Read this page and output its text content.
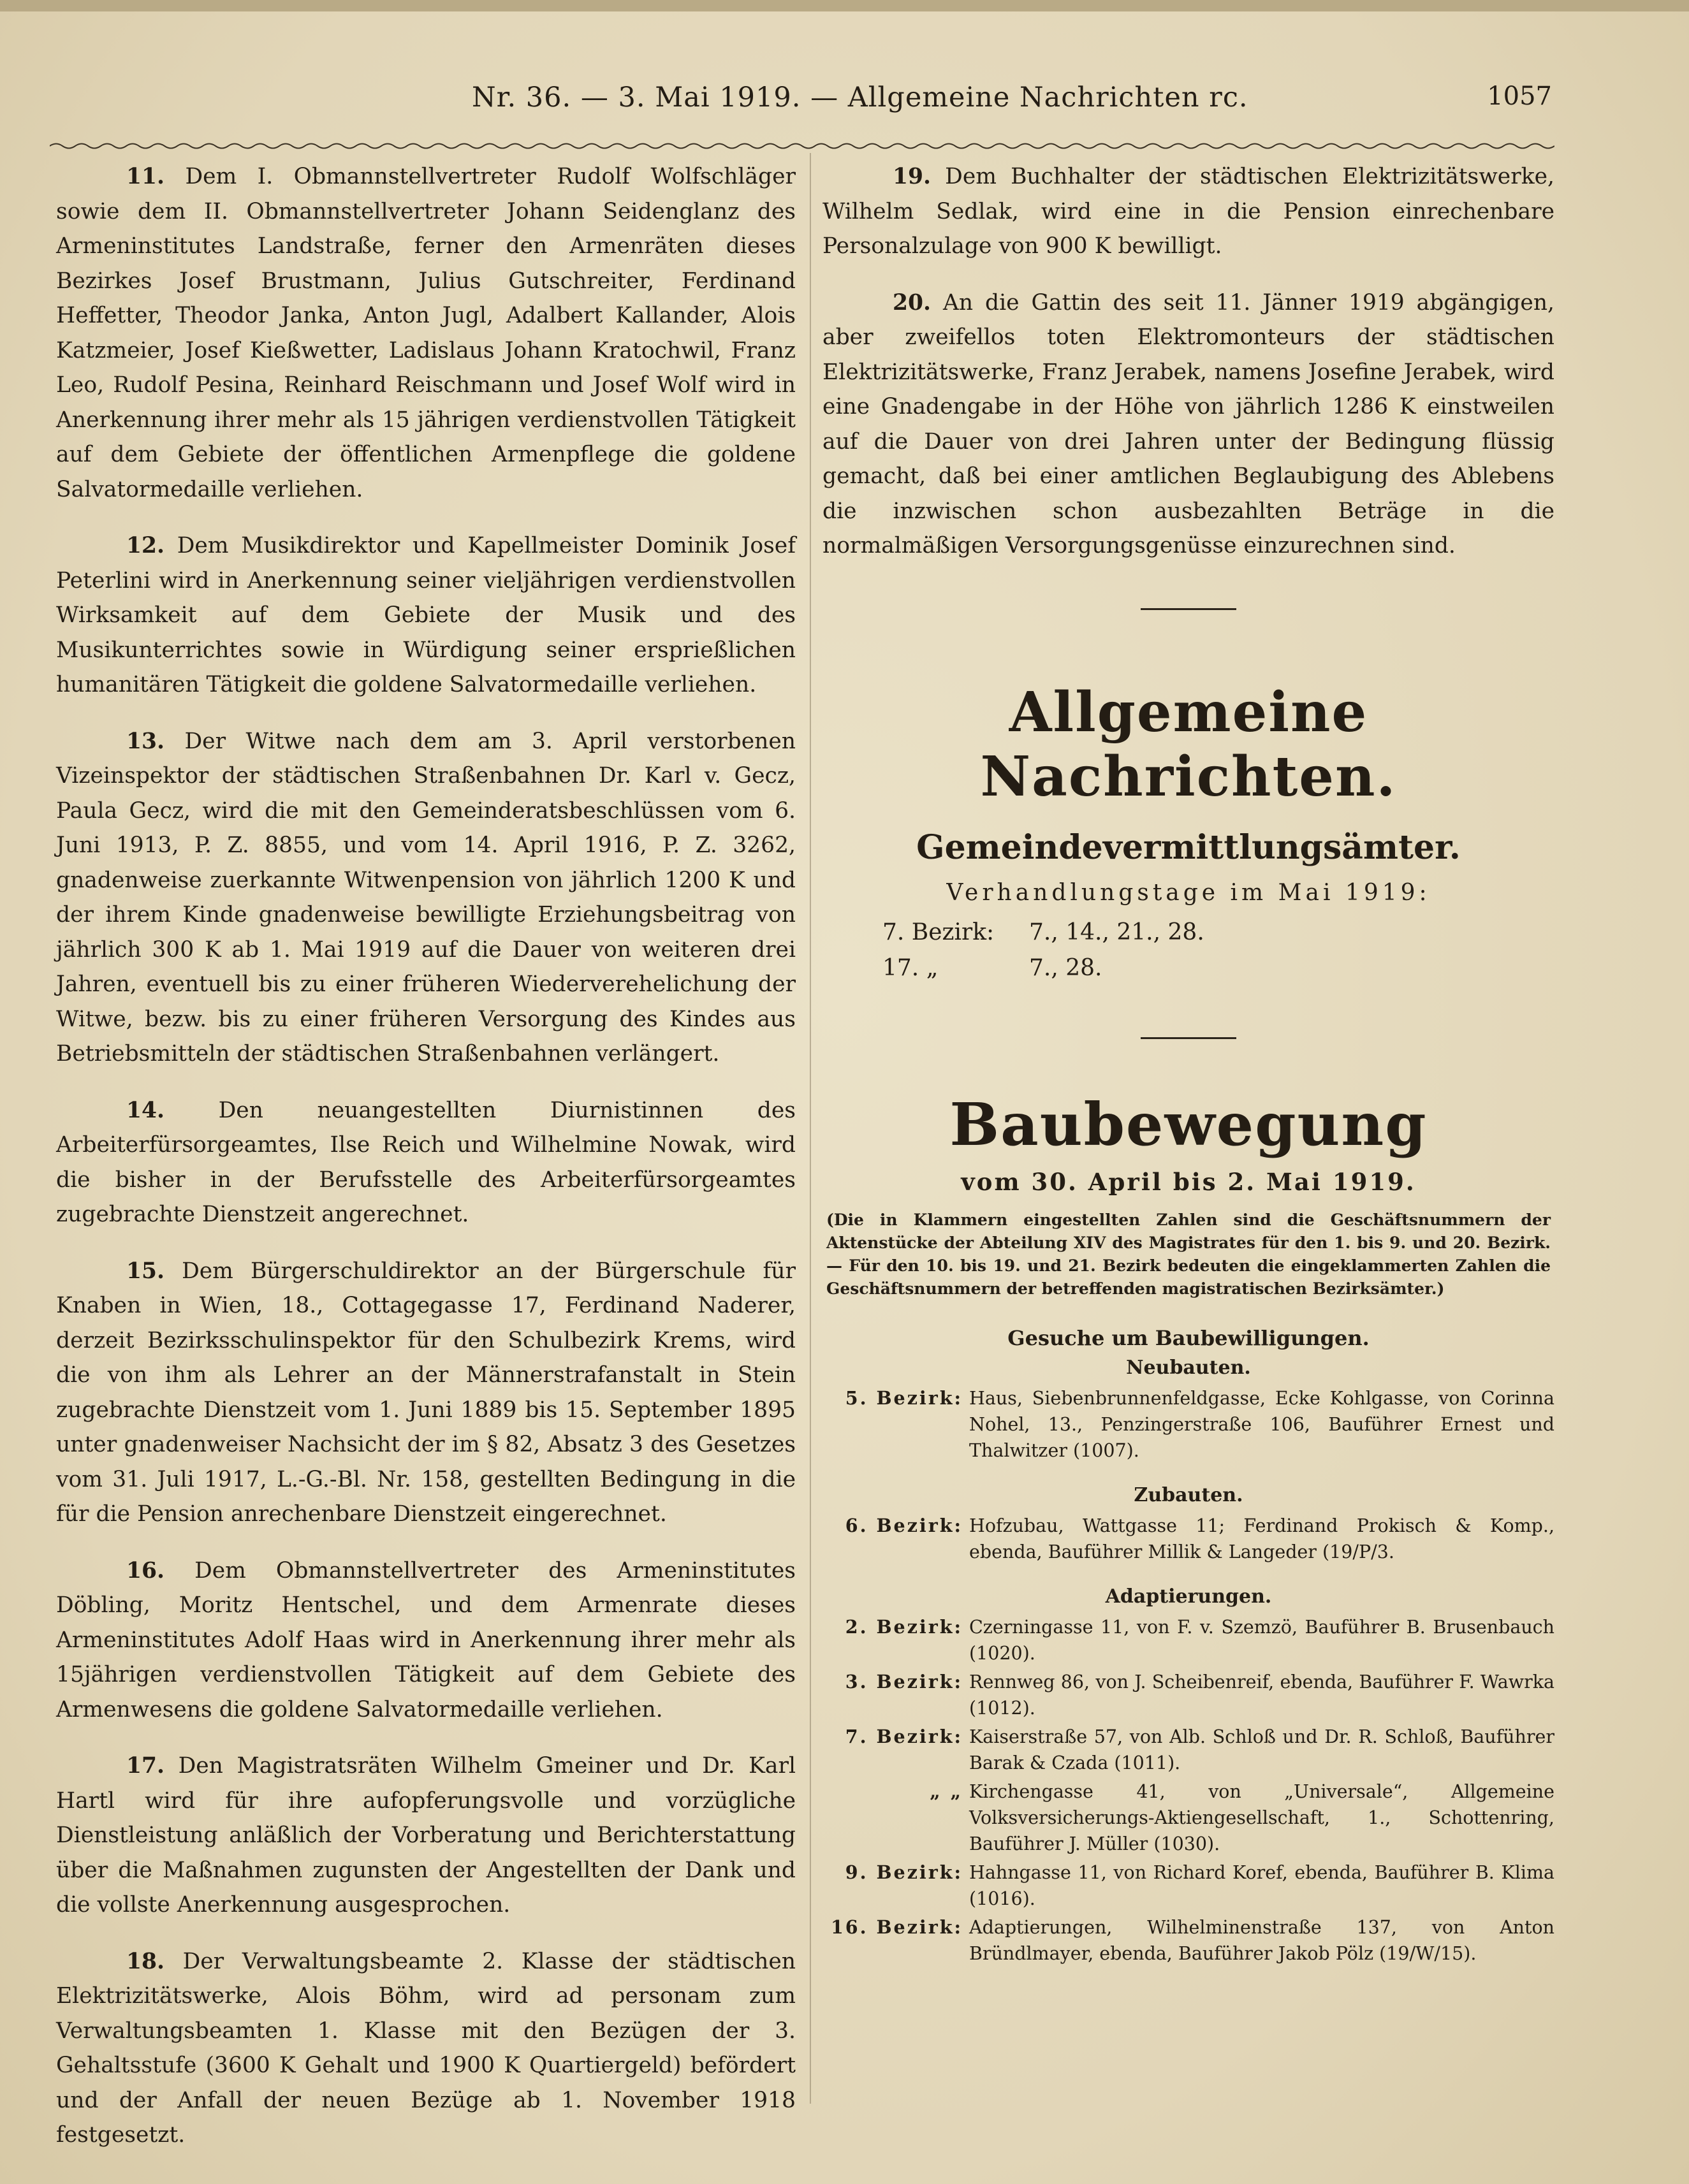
Nr. 36. — 3. Mai 1919. — Allgemeine Nachrichten rc.	1057

11. Dem I. Obmannstellvertreter Rudolf Wolfschläger sowie dem II. Obmannstellvertreter Johann Seidenglanz des Armeninstitutes Landstraße, ferner den Armenräten dieses Bezirkes Josef Brustmann, Julius Gutschreiter, Ferdinand Heffetter, Theodor Janka, Anton Jugl, Adalbert Kallander, Alois Katzmeier, Josef Kießwetter, Ladislaus Johann Kratochwil, Franz Leo, Rudolf Pesina, Reinhard Reischmann und Josef Wolf wird in Anerkennung ihrer mehr als 15 jährigen verdienstvollen Tätigkeit auf dem Gebiete der öffentlichen Armenpflege die goldene Salvatormedaille verliehen.

12. Dem Musikdirektor und Kapellmeister Dominik Josef Peterlini wird in Anerkennung seiner vieljährigen verdienstvollen Wirksamkeit auf dem Gebiete der Musik und des Musikunterrichtes sowie in Würdigung seiner ersprießlichen humanitären Tätigkeit die goldene Salvatormedaille verliehen.

13. Der Witwe nach dem am 3. April verstorbenen Vizeinspektor der städtischen Straßenbahnen Dr. Karl v. Gecz, Paula Gecz, wird die mit den Gemeinderatsbeschlüssen vom 6. Juni 1913, P. Z. 8855, und vom 14. April 1916, P. Z. 3262, gnadenweise zuerkannte Witwenpension von jährlich 1200 K und der ihrem Kinde gnadenweise bewilligte Erziehungsbeitrag von jährlich 300 K ab 1. Mai 1919 auf die Dauer von weiteren drei Jahren, eventuell bis zu einer früheren Wiederverehelichung der Witwe, bezw. bis zu einer früheren Versorgung des Kindes aus Betriebsmitteln der städtischen Straßenbahnen verlängert.

14. Den neuangestellten Diurnistinnen des Arbeiterfürsorgeamtes, Ilse Reich und Wilhelmine Nowak, wird die bisher in der Berufsstelle des Arbeiterfürsorgeamtes zugebrachte Dienstzeit angerechnet.

15. Dem Bürgerschuldirektor an der Bürgerschule für Knaben in Wien, 18., Cottagegasse 17, Ferdinand Naderer, derzeit Bezirksschulinspektor für den Schulbezirk Krems, wird die von ihm als Lehrer an der Männerstrafanstalt in Stein zugebrachte Dienstzeit vom 1. Juni 1889 bis 15. September 1895 unter gnadenweiser Nachsicht der im § 82, Absatz 3 des Gesetzes vom 31. Juli 1917, L.-G.-Bl. Nr. 158, gestellten Bedingung in die für die Pension anrechenbare Dienstzeit eingerechnet.

16. Dem Obmannstellvertreter des Armeninstitutes Döbling, Moritz Hentschel, und dem Armenrate dieses Armeninstitutes Adolf Haas wird in Anerkennung ihrer mehr als 15jährigen verdienstvollen Tätigkeit auf dem Gebiete des Armenwesens die goldene Salvatormedaille verliehen.

17. Den Magistratsräten Wilhelm Gmeiner und Dr. Karl Hartl wird für ihre aufopferungsvolle und vorzügliche Dienstleistung anläßlich der Vorberatung und Berichterstattung über die Maßnahmen zugunsten der Angestellten der Dank und die vollste Anerkennung ausgesprochen.

18. Der Verwaltungsbeamte 2. Klasse der städtischen Elektrizitätswerke, Alois Böhm, wird ad personam zum Verwaltungsbeamten 1. Klasse mit den Bezügen der 3. Gehaltsstufe (3600 K Gehalt und 1900 K Quartiergeld) befördert und der Anfall der neuen Bezüge ab 1. November 1918 festgesetzt.

19. Dem Buchhalter der städtischen Elektrizitätswerke, Wilhelm Sedlak, wird eine in die Pension einrechenbare Personalzulage von 900 K bewilligt.

20. An die Gattin des seit 11. Jänner 1919 abgängigen, aber zweifellos toten Elektromonteurs der städtischen Elektrizitätswerke, Franz Jerabek, namens Josefine Jerabek, wird eine Gnadengabe in der Höhe von jährlich 1286 K einstweilen auf die Dauer von drei Jahren unter der Bedingung flüssig gemacht, daß bei einer amtlichen Beglaubigung des Ablebens die inzwischen schon ausbezahlten Beträge in die normalmäßigen Versorgungsgenüsse einzurechnen sind.

Allgemeine Nachrichten.
Gemeindevermittlungsämter.

Verhandlungstage im Mai 1919:

7. Bezirk: 7., 14., 21., 28.

17. „	7., 28.

Baubewegung

vom 30. April bis 2. Mai 1919.

(Die in Klammern eingestellten Zahlen sind die Geschäftsnummern der Aktenstücke der Abteilung XIV des Magistrates für den 1. bis 9. und 20. Bezirk. — Für den 10. bis 19. und 21. Bezirk bedeuten die eingeklammerten Zahlen die Geschäftsnummern der betreffenden magistratischen Bezirksämter.)

Gesuche um Baubewilligungen.

Neubauten.

5. Bezirk: Haus, Siebenbrunnenfeldgasse, Ecke Kohlgasse, von Corinna Nohel, 13., Penzingerstraße 106, Bauführer Ernest und Thalwitzer (1007).

Zubauten.

6. Bezirk: Hofzubau, Wattgasse 11; Ferdinand Prokisch & Komp., ebenda, Bauführer Millik & Langeder (19/P/3.

Adaptierungen.

2. Bezirk: Czerningasse 11, von F. v. Szemzö, Bauführer B. Brusenbauch (1020).
3. Bezirk: Rennweg 86, von J. Scheibenreif, ebenda, Bauführer F. Wawrka (1012).
7. Bezirk: Kaiserstraße 57, von Alb. Schloß und Dr. R. Schloß, Bauführer Barak & Czada (1011).
„ „ Kirchengasse 41, von „Universale“, Allgemeine Volksversicherungs-Aktiengesellschaft, 1., Schottenring, Bauführer J. Müller (1030).
9. Bezirk: Hahngasse 11, von Richard Koref, ebenda, Bauführer B. Klima (1016).
16. Bezirk: Adaptierungen, Wilhelminenstraße 137, von Anton Bründlmayer, ebenda, Bauführer Jakob Pölz (19/W/15).
